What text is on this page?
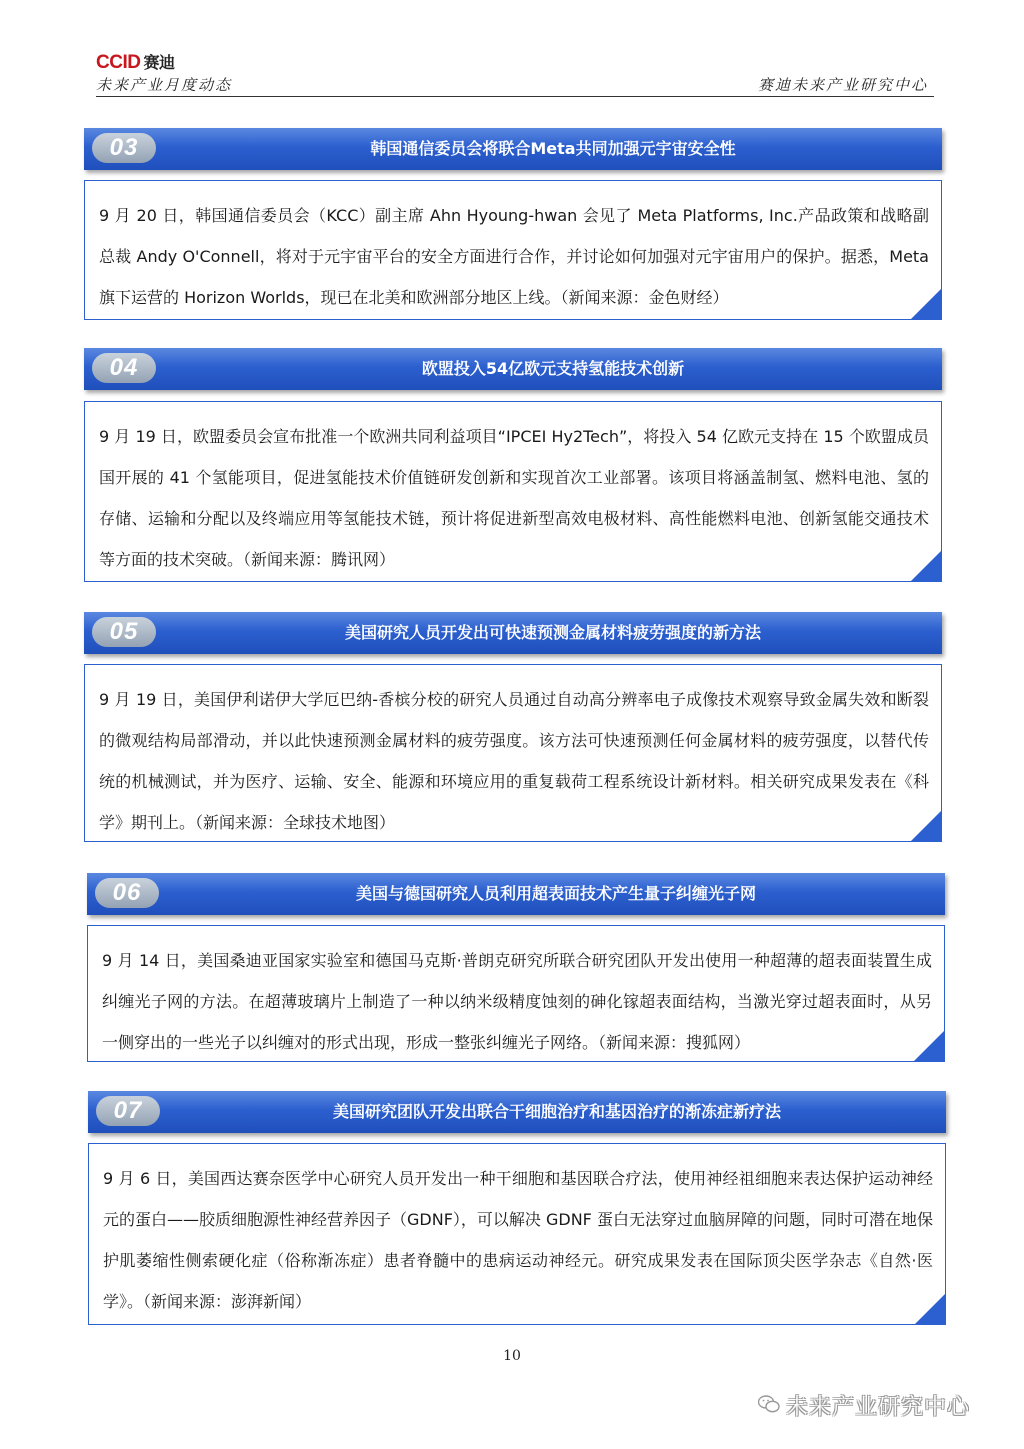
CCID 赛迪
未来产业月度动态	赛迪未来产业研究中心
03	韩国通信委员会将联合Meta共同加强元宇宙安全性
9 月 20 日，韩国通信委员会（KCC）副主席 Ahn Hyoung-hwan 会见了 Meta Platforms, Inc.产品政策和战略副总裁 Andy O'Connell，将对于元宇宙平台的安全方面进行合作，并讨论如何加强对元宇宙用户的保护。据悉，Meta 旗下运营的 Horizon Worlds，现已在北美和欧洲部分地区上线。（新闻来源：金色财经）
04	欧盟投入54亿欧元支持氢能技术创新
9 月 19 日，欧盟委员会宣布批准一个欧洲共同利益项目“IPCEI Hy2Tech”，将投入 54 亿欧元支持在 15 个欧盟成员国开展的 41 个氢能项目，促进氢能技术价值链研发创新和实现首次工业部署。该项目将涵盖制氢、燃料电池、氢的存储、运输和分配以及终端应用等氢能技术链，预计将促进新型高效电极材料、高性能燃料电池、创新氢能交通技术等方面的技术突破。（新闻来源：腾讯网）
05	美国研究人员开发出可快速预测金属材料疲劳强度的新方法
9 月 19 日，美国伊利诺伊大学厄巴纳-香槟分校的研究人员通过自动高分辨率电子成像技术观察导致金属失效和断裂的微观结构局部滑动，并以此快速预测金属材料的疲劳强度。该方法可快速预测任何金属材料的疲劳强度，以替代传统的机械测试，并为医疗、运输、安全、能源和环境应用的重复载荷工程系统设计新材料。相关研究成果发表在《科学》期刊上。（新闻来源：全球技术地图）
06	美国与德国研究人员利用超表面技术产生量子纠缠光子网
9 月 14 日，美国桑迪亚国家实验室和德国马克斯·普朗克研究所联合研究团队开发出使用一种超薄的超表面装置生成纠缠光子网的方法。在超薄玻璃片上制造了一种以纳米级精度蚀刻的砷化镓超表面结构，当激光穿过超表面时，从另一侧穿出的一些光子以纠缠对的形式出现，形成一整张纠缠光子网络。（新闻来源：搜狐网）
07	美国研究团队开发出联合干细胞治疗和基因治疗的渐冻症新疗法
9 月 6 日，美国西达赛奈医学中心研究人员开发出一种干细胞和基因联合疗法，使用神经祖细胞来表达保护运动神经元的蛋白——胶质细胞源性神经营养因子（GDNF），可以解决 GDNF 蛋白无法穿过血脑屏障的问题，同时可潜在地保护肌萎缩性侧索硬化症（俗称渐冻症）患者脊髓中的患病运动神经元。研究成果发表在国际顶尖医学杂志《自然·医学》。（新闻来源：澎湃新闻）
10
未来产业研究中心
